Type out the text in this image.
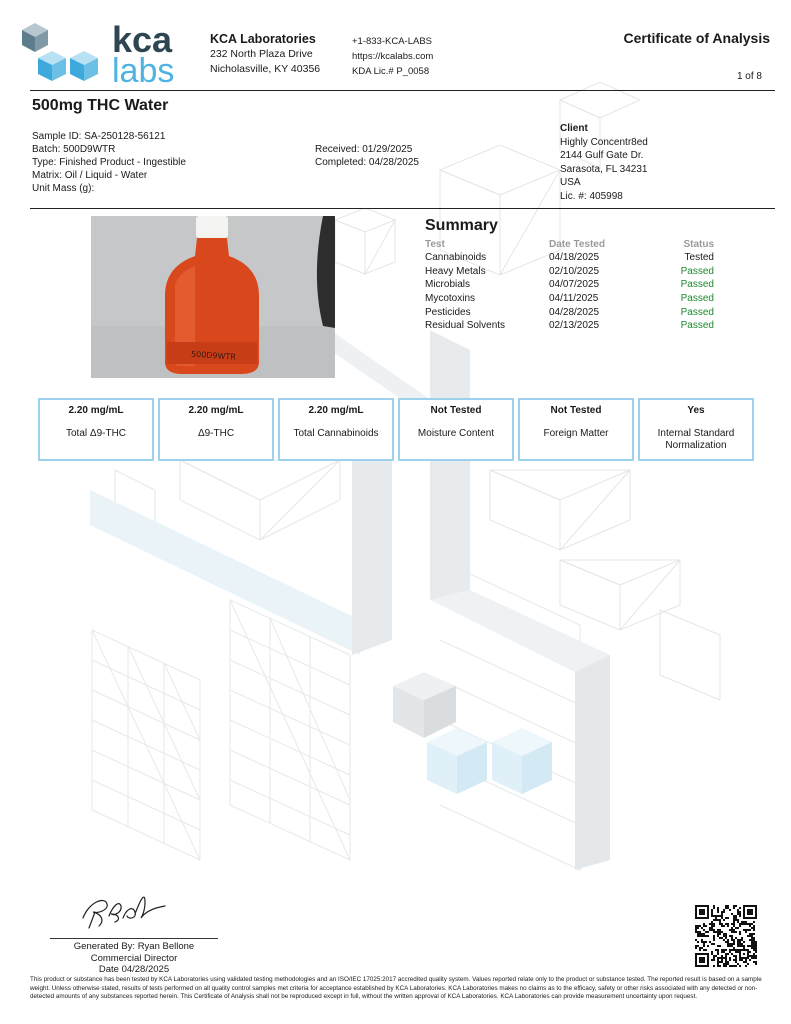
kca
labs
KCA Laboratories
232 North Plaza Drive
Nicholasville, KY 40356
+1-833-KCA-LABS
https://kcalabs.com
KDA Lic.# P_0058
Certificate of Analysis
1 of 8
500mg THC Water
Sample ID: SA-250128-56121
Batch: 500D9WTR
Type: Finished Product - Ingestible
Matrix: Oil / Liquid - Water
Unit Mass (g):
Received: 01/29/2025
Completed: 04/28/2025
Client
Highly Concentr8ed
2144 Gulf Gate Dr.
Sarasota, FL 34231
USA
Lic. #: 405998
500D9WTR
Summary
Test	Date Tested	Status
Cannabinoids	04/18/2025	Tested
Heavy Metals	02/10/2025	Passed
Microbials	04/07/2025	Passed
Mycotoxins	04/11/2025	Passed
Pesticides	04/28/2025	Passed
Residual Solvents	02/13/2025	Passed
2.20 mg/mL
Total Δ9-THC
2.20 mg/mL
Δ9-THC
2.20 mg/mL
Total Cannabinoids
Not Tested
Moisture Content
Not Tested
Foreign Matter
Yes
Internal Standard Normalization
Generated By: Ryan Bellone
Commercial Director
Date 04/28/2025
This product or substance has been tested by KCA Laboratories using validated testing methodologies and an ISO/IEC 17025:2017 accredited quality system. Values reported relate only to the product or substance tested. The reported result is based on a sample weight. Unless otherwise stated, results of tests performed on all quality control samples met criteria for acceptance established by KCA Laboratories. KCA Laboratories makes no claims as to the efficacy, safety or other risks associated with any detected or non-detected amounts of any substances reported herein. This Certificate of Analysis shall not be reproduced except in full, without the written approval of KCA Laboratories. KCA Laboratories can provide measurement uncertainty upon request.
